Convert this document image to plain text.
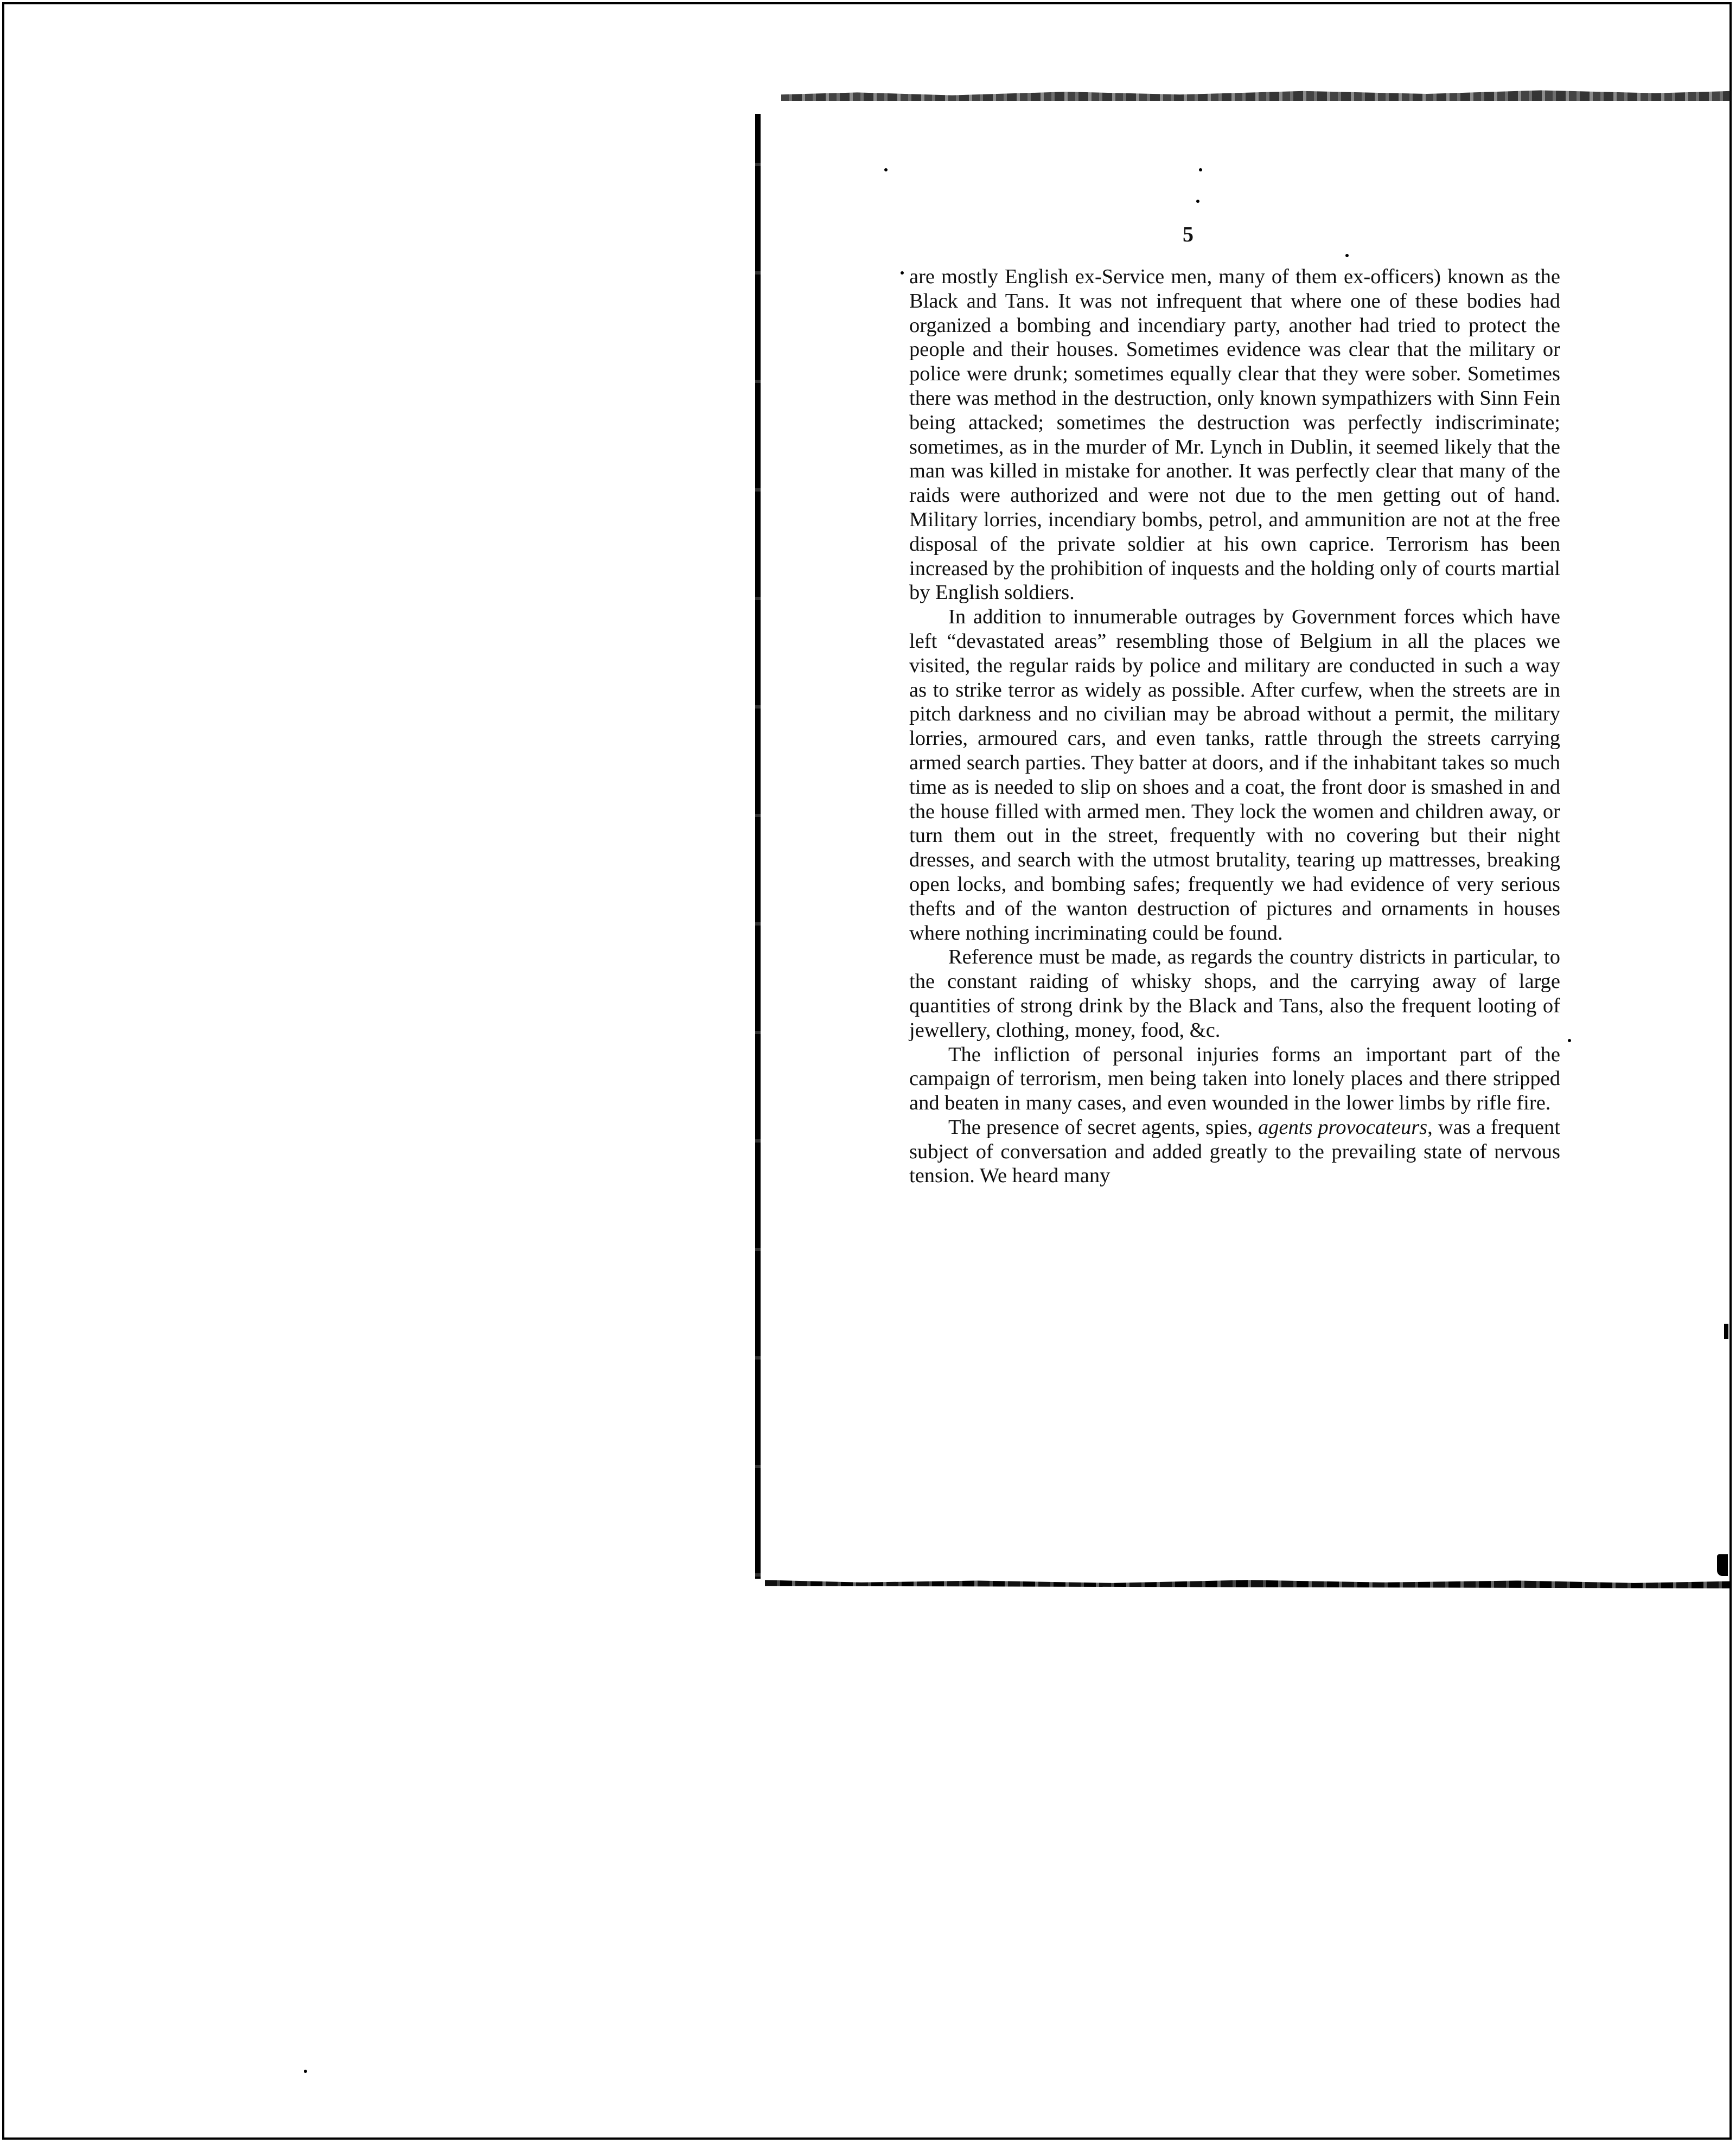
5

are mostly English ex-Service men, many of them ex-officers) known as the Black and Tans. It was not infrequent that where one of these bodies had organized a bombing and incendiary party, another had tried to protect the people and their houses. Sometimes evidence was clear that the military or police were drunk; sometimes equally clear that they were sober. Sometimes there was method in the destruction, only known sympathizers with Sinn Fein being attacked; sometimes the destruction was perfectly indiscriminate; sometimes, as in the murder of Mr. Lynch in Dublin, it seemed likely that the man was killed in mistake for another. It was perfectly clear that many of the raids were authorized and were not due to the men getting out of hand. Military lorries, incendiary bombs, petrol, and ammunition are not at the free disposal of the private soldier at his own caprice. Terrorism has been increased by the prohibition of inquests and the holding only of courts martial by English soldiers.

In addition to innumerable outrages by Government forces which have left “devastated areas” resembling those of Belgium in all the places we visited, the regular raids by police and military are conducted in such a way as to strike terror as widely as possible. After curfew, when the streets are in pitch darkness and no civilian may be abroad without a permit, the military lorries, armoured cars, and even tanks, rattle through the streets carrying armed search parties. They batter at doors, and if the inhabitant takes so much time as is needed to slip on shoes and a coat, the front door is smashed in and the house filled with armed men. They lock the women and children away, or turn them out in the street, frequently with no covering but their night dresses, and search with the utmost brutality, tearing up mattresses, breaking open locks, and bombing safes; frequently we had evidence of very serious thefts and of the wanton destruction of pictures and ornaments in houses where nothing incriminating could be found.

Reference must be made, as regards the country districts in particular, to the constant raiding of whisky shops, and the carrying away of large quantities of strong drink by the Black and Tans, also the frequent looting of jewellery, clothing, money, food, &c.

The infliction of personal injuries forms an important part of the campaign of terrorism, men being taken into lonely places and there stripped and beaten in many cases, and even wounded in the lower limbs by rifle fire.

The presence of secret agents, spies, agents provocateurs, was a frequent subject of conversation and added greatly to the prevailing state of nervous tension. We heard many
